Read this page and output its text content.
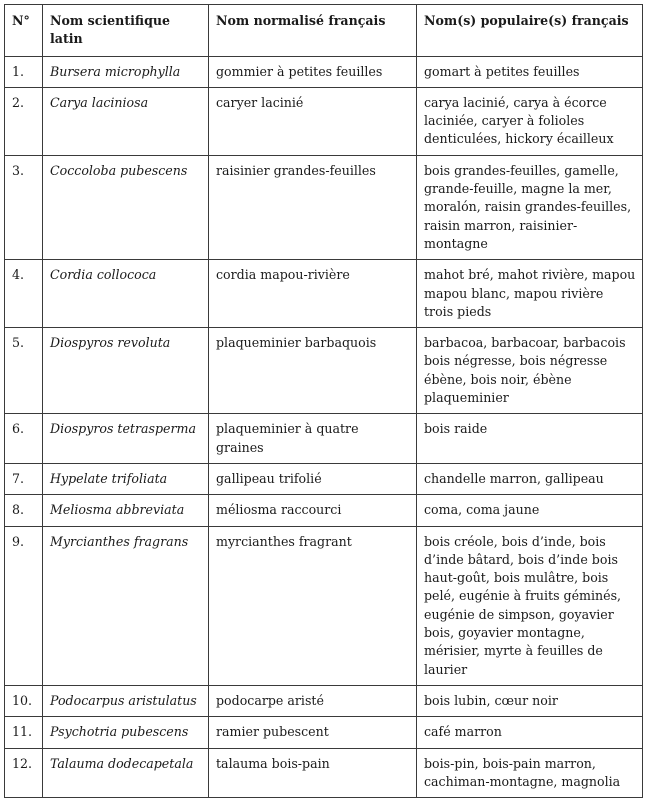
N°	Nom scientifique latin	Nom normalisé français	Nom(s) populaire(s) français
1.	Bursera microphylla	gommier à petites feuilles	gomart à petites feuilles
2.	Carya laciniosa	caryer lacinié	carya lacinié, carya à écorce laciniée, caryer à folioles denticulées, hickory écailleux
3.	Coccoloba pubescens	raisinier grandes-feuilles	bois grandes-feuilles, gamelle, grande-feuille, magne la mer, moralón, raisin grandes-feuilles, raisin marron, raisinier-montagne
4.	Cordia collococa	cordia mapou-rivière	mahot bré, mahot rivière, mapou mapou blanc, mapou rivière trois pieds
5.	Diospyros revoluta	plaqueminier barbaquois	barbacoa, barbacoar, barbacois bois négresse, bois négresse ébène, bois noir, ébène plaqueminier
6.	Diospyros tetrasperma	plaqueminier à quatre graines	bois raide
7.	Hypelate trifoliata	gallipeau trifolié	chandelle marron, gallipeau
8.	Meliosma abbreviata	méliosma raccourci	coma, coma jaune
9.	Myrcianthes fragrans	myrcianthes fragrant	bois créole, bois d’inde, bois d’inde bâtard, bois d’inde bois haut-goût, bois mulâtre, bois pelé, eugénie à fruits géminés, eugénie de simpson, goyavier bois, goyavier montagne, mérisier, myrte à feuilles de laurier
10.	Podocarpus aristulatus	podocarpe aristé	bois lubin, cœur noir
11.	Psychotria pubescens	ramier pubescent	café marron
12.	Talauma dodecapetala	talauma bois-pain	bois-pin, bois-pain marron, cachiman-montagne, magnolia
